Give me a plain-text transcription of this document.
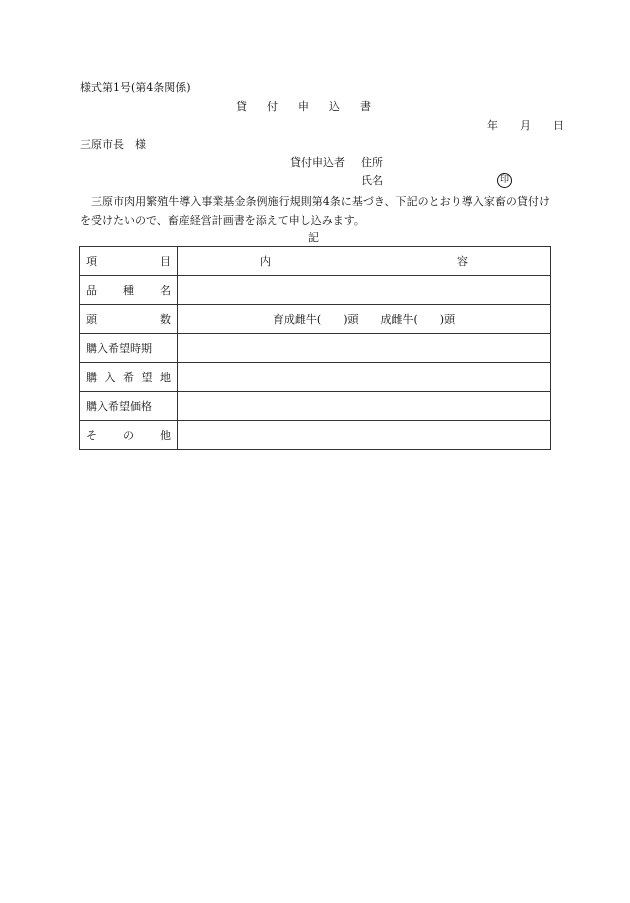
様式第1号(第4条関係)
貸付申込書
年 月 日
三原市長　様
貸付申込者 住所
氏名	印
三原市肉用繁殖牛導入事業基金条例施行規則第4条に基づき、下記のとおり導入家畜の貸付けを受けたいので、畜産経営計画書を添えて申し込みます。
記
項 目	内 容

品 種 名	

頭 数	育成雌牛(　　)頭　　成雌牛(　　)頭

購入希望時期	

購 入 希 望 地	

購入希望価格	

そ の 他	
